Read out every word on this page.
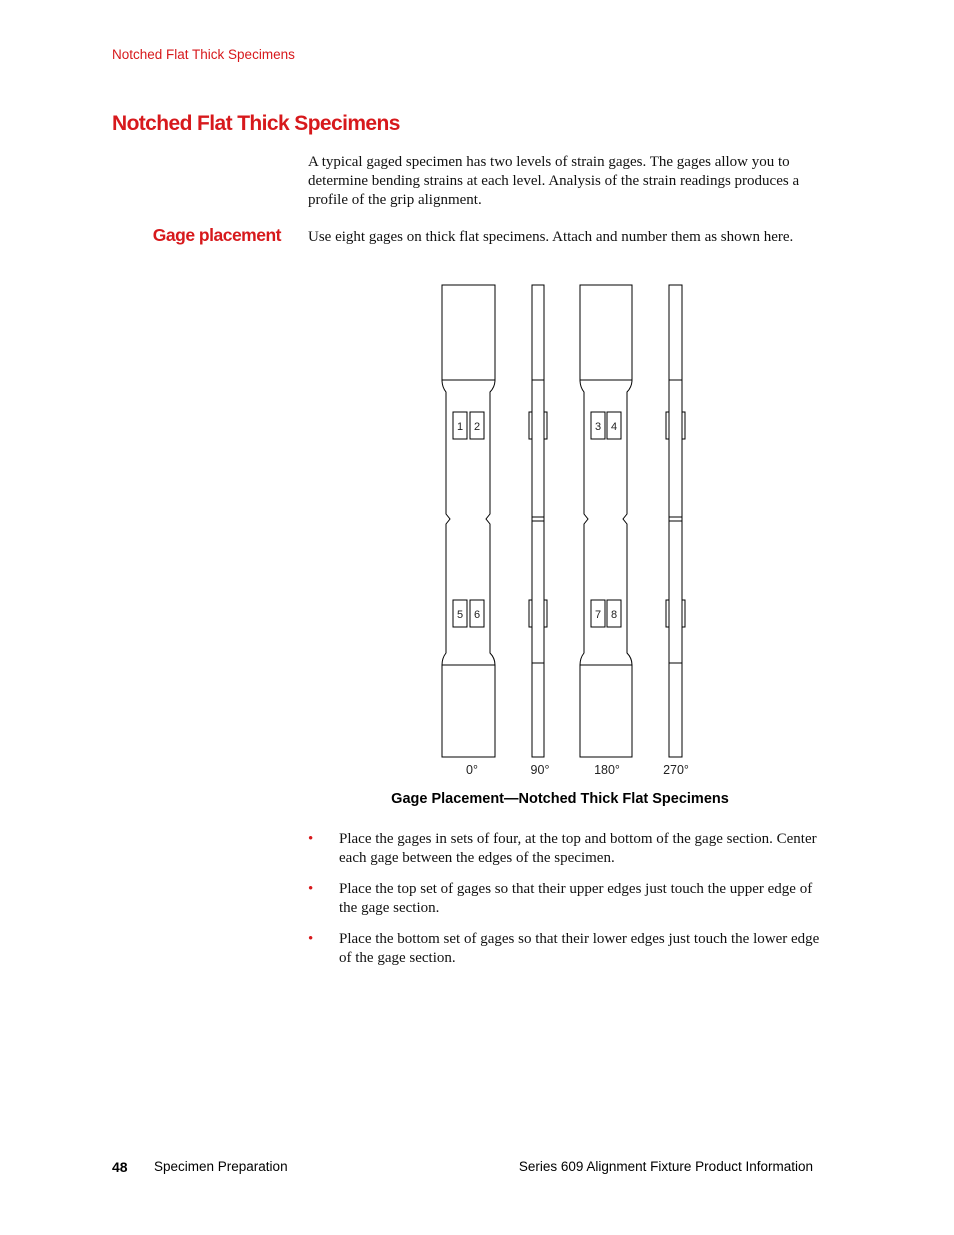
Notched Flat Thick Specimens
Notched Flat Thick Specimens
A typical gaged specimen has two levels of strain gages. The gages allow you to determine bending strains at each level. Analysis of the strain readings produces a profile of the grip alignment.
Gage placement Use eight gages on thick flat specimens. Attach and number them as shown here.
1 2	3 4
5 6	7 8
0°	90°	180°	270°
Gage Placement—Notched Thick Flat Specimens
• Place the gages in sets of four, at the top and bottom of the gage section. Center each gage between the edges of the specimen.
• Place the top set of gages so that their upper edges just touch the upper edge of the gage section.
• Place the bottom set of gages so that their lower edges just touch the lower edge of the gage section.
48 Specimen Preparation	Series 609 Alignment Fixture Product Information
